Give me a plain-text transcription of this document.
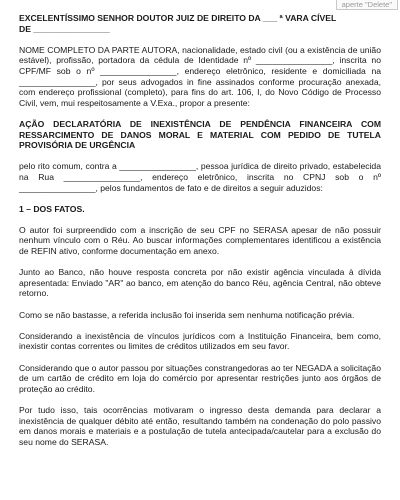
aperte "Delete"
EXCELENTÍSSIMO SENHOR DOUTOR JUIZ DE DIREITO DA ___ ª VARA CÍVEL
DE ________________

NOME COMPLETO DA PARTE AUTORA, nacionalidade, estado civil (ou a existência de união estável), profissão, portadora da cédula de Identidade nº ________________, inscrita no CPF/MF sob o nº ________________, endereço eletrônico, residente e domiciliada na ________________, por seus advogados in fine assinados conforme procuração anexada, com endereço profissional (completo), para fins do art. 106, I, do Novo Código de Processo Civil, vem, mui respeitosamente a V.Exa., propor a presente:

AÇÃO DECLARATÓRIA DE INEXISTÊNCIA DE PENDÊNCIA FINANCEIRA COM RESSARCIMENTO DE DANOS MORAL E MATERIAL COM PEDIDO DE TUTELA PROVISÓRIA DE URGÊNCIA

pelo rito comum, contra a ________________, pessoa jurídica de direito privado, estabelecida na Rua ________________, endereço eletrônico, inscrita no CPNJ sob o nº ________________, pelos fundamentos de fato e de direitos a seguir aduzidos:

1 – DOS FATOS.

O autor foi surpreendido com a inscrição de seu CPF no SERASA apesar de não possuir nenhum vínculo com o Réu. Ao buscar informações complementares identificou a existência de REFIN ativo, conforme documentação em anexo.

Junto ao Banco, não houve resposta concreta por não existir agência vinculada à dívida apresentada: Enviado "AR" ao banco, em atenção do banco Réu, agência Central, não obteve retorno.

Como se não bastasse, a referida inclusão foi inserida sem nenhuma notificação prévia.

Considerando a inexistência de vínculos jurídicos com a Instituição Financeira, bem como, inexistir contas correntes ou limites de créditos utilizados em seu favor.

Considerando que o autor passou por situações constrangedoras ao ter NEGADA a solicitação de um cartão de crédito em loja do comércio por apresentar restrições junto aos órgãos de proteção ao crédito.

Por tudo isso, tais ocorrências motivaram o ingresso desta demanda para declarar a inexistência de qualquer débito até então, resultando também na condenação do polo passivo em danos morais e materiais e a postulação de tutela antecipada/cautelar para a exclusão do seu nome do SERASA.
